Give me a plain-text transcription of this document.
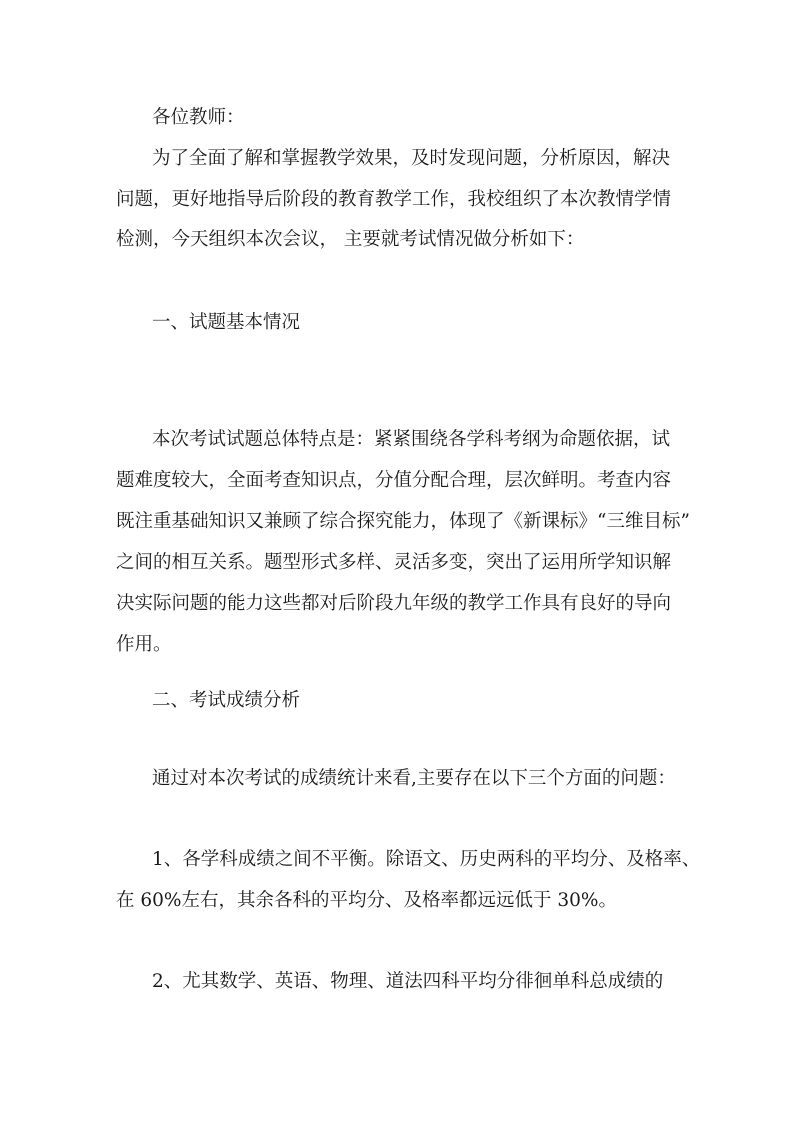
各位教师：
为了全面了解和掌握教学效果，及时发现问题，分析原因，解决
问题，更好地指导后阶段的教育教学工作，我校组织了本次教情学情
检测，今天组织本次会议， 主要就考试情况做分析如下：
一、试题基本情况
本次考试试题总体特点是：紧紧围绕各学科考纲为命题依据，试
题难度较大，全面考查知识点，分值分配合理，层次鲜明。考查内容
既注重基础知识又兼顾了综合探究能力，体现了《新课标》“三维目标”
之间的相互关系。题型形式多样、灵活多变，突出了运用所学知识解
决实际问题的能力这些都对后阶段九年级的教学工作具有良好的导向
作用。
二、考试成绩分析
通过对本次考试的成绩统计来看,主要存在以下三个方面的问题：
1、各学科成绩之间不平衡。除语文、历史两科的平均分、及格率、
在 60%左右，其余各科的平均分、及格率都远远低于 30%。
2、尤其数学、英语、物理、道法四科平均分徘徊单科总成绩的
